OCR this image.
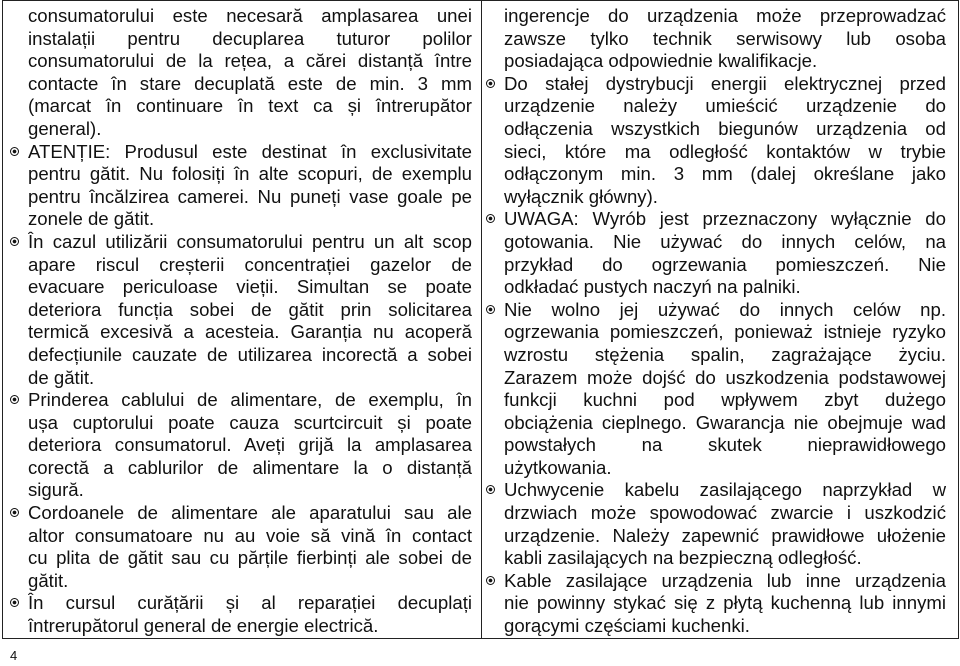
consumatorului este necesară amplasarea unei
instalații pentru decuplarea tuturor polilor
consumatorului de la rețea, a cărei distanță între
contacte în stare decuplată este de min. 3 mm
(marcat în continuare în text ca și întrerupător
general).
ATENȚIE: Produsul este destinat în exclusivitate
pentru gătit. Nu folosiți în alte scopuri, de exemplu
pentru încălzirea camerei. Nu puneți vase goale pe
zonele de gătit.
În cazul utilizării consumatorului pentru un alt scop
apare riscul creșterii concentrației gazelor de
evacuare periculoase vieții. Simultan se poate
deteriora funcția sobei de gătit prin solicitarea
termică excesivă a acesteia. Garanția nu acoperă
defecțiunile cauzate de utilizarea incorectă a sobei
de gătit.
Prinderea cablului de alimentare, de exemplu, în
ușa cuptorului poate cauza scurtcircuit și poate
deteriora consumatorul. Aveți grijă la amplasarea
corectă a cablurilor de alimentare la o distanță
sigură.
Cordoanele de alimentare ale aparatului sau ale
altor consumatoare nu au voie să vină în contact
cu plita de gătit sau cu părțile fierbinți ale sobei de
gătit.
În cursul curățării și al reparației decuplați
întrerupătorul general de energie electrică.
ingerencje do urządzenia może przeprowadzać
zawsze tylko technik serwisowy lub osoba
posiadająca odpowiednie kwalifikacje.
Do stałej dystrybucji energii elektrycznej przed
urządzenie należy umieścić urządzenie do
odłączenia wszystkich biegunów urządzenia od
sieci, które ma odległość kontaktów w trybie
odłączonym min. 3 mm (dalej określane jako
wyłącznik główny).
UWAGA: Wyrób jest przeznaczony wyłącznie do
gotowania. Nie używać do innych celów, na
przykład do ogrzewania pomieszczeń. Nie
odkładać pustych naczyń na palniki.
Nie wolno jej używać do innych celów np.
ogrzewania pomieszczeń, ponieważ istnieje ryzyko
wzrostu stężenia spalin, zagrażające życiu.
Zarazem może dojść do uszkodzenia podstawowej
funkcji kuchni pod wpływem zbyt dużego
obciążenia cieplnego. Gwarancja nie obejmuje wad
powstałych na skutek nieprawidłowego
użytkowania.
Uchwycenie kabelu zasilającego naprzykład w
drzwiach może spowodować zwarcie i uszkodzić
urządzenie. Należy zapewnić prawidłowe ułożenie
kabli zasilających na bezpieczną odległość.
Kable zasilające urządzenia lub inne urządzenia
nie powinny stykać się z płytą kuchenną lub innymi
gorącymi częściami kuchenki.
4
